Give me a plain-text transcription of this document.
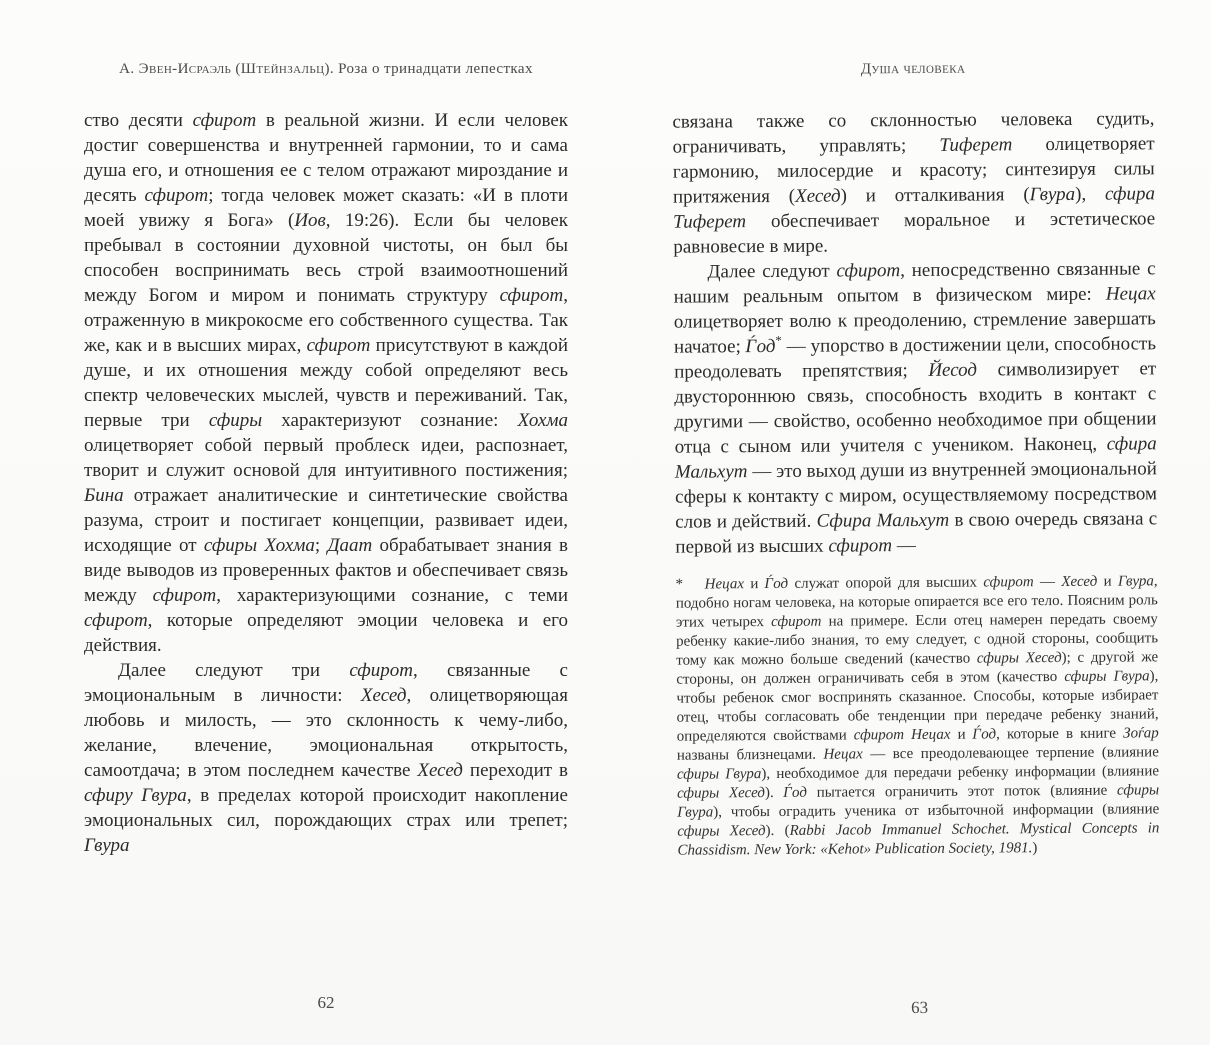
А. Эвен-Исраэль (Штейнзальц). Роза о тринадцати лепестках
ство десяти сфирот в реальной жизни. И если человек достиг совершенства и внутренней гармонии, то и сама душа его, и отношения ее с телом отражают мироздание и десять сфирот; тогда человек может сказать: «И в плоти моей увижу я Бога» (Иов, 19:26). Если бы человек пребывал в состоянии духовной чистоты, он был бы способен воспринимать весь строй взаимоотношений между Богом и миром и понимать структуру сфирот, отраженную в микрокосме его собственного существа. Так же, как и в высших мирах, сфирот присутствуют в каждой душе, и их отношения между собой определяют весь спектр человеческих мыслей, чувств и переживаний. Так, первые три сфиры характеризуют сознание: Хохма олицетворяет собой первый проблеск идеи, распознает, творит и служит основой для интуитивного постижения; Бина отражает аналитические и синтетические свойства разума, строит и постигает концепции, развивает идеи, исходящие от сфиры Хохма; Даат обрабатывает знания в виде выводов из проверенных фактов и обеспечивает связь между сфирот, характеризующими сознание, с теми сфирот, которые определяют эмоции человека и его действия.
Далее следуют три сфирот, связанные с эмоциональным в личности: Хесед, олицетворяющая любовь и милость, — это склонность к чему-либо, желание, влечение, эмоциональная открытость, самоотдача; в этом последнем качестве Хесед переходит в сфиру Гвура, в пределах которой происходит накопление эмоциональных сил, порождающих страх или трепет; Гвура
62
Душа человека
связана также со склонностью человека судить, ограничивать, управлять; Тиферет олицетворяет гармонию, милосердие и красоту; синтезируя силы притяжения (Хесед) и отталкивания (Гвура), сфира Тиферет обеспечивает моральное и эстетическое равновесие в мире.
Далее следуют сфирот, непосредственно связанные с нашим реальным опытом в физическом мире: Нецах олицетворяет волю к преодолению, стремление завершать начатое; Ѓод* — упорство в достижении цели, способность преодолевать препятствия; Йесод символизирует ет двустороннюю связь, способность входить в контакт с другими — свойство, особенно необходимое при общении отца с сыном или учителя с учеником. Наконец, сфира Мальхут — это выход души из внутренней эмоциональной сферы к контакту с миром, осуществляемому посредством слов и действий. Сфира Мальхут в свою очередь связана с первой из высших сфирот —
* Нецах и Ѓод служат опорой для высших сфирот — Хесед и Гвура, подобно ногам человека, на которые опирается все его тело. Поясним роль этих четырех сфирот на примере. Если отец намерен передать своему ребенку какие-либо знания, то ему следует, с одной стороны, сообщить тому как можно больше сведений (качество сфиры Хесед); с другой же стороны, он должен ограничивать себя в этом (качество сфиры Гвура), чтобы ребенок смог воспринять сказанное. Способы, которые избирает отец, чтобы согласовать обе тенденции при передаче ребенку знаний, определяются свойствами сфирот Нецах и Ѓод, которые в книге Зоѓар названы близнецами. Нецах — все преодолевающее терпение (влияние сфиры Гвура), необходимое для передачи ребенку информации (влияние сфиры Хесед). Ѓод пытается ограничить этот поток (влияние сфиры Гвура), чтобы оградить ученика от избыточной информации (влияние сфиры Хесед). (Rabbi Jacob Immanuel Schochet. Mystical Concepts in Chassidism. New York: «Kehot» Publication Society, 1981.)
63
